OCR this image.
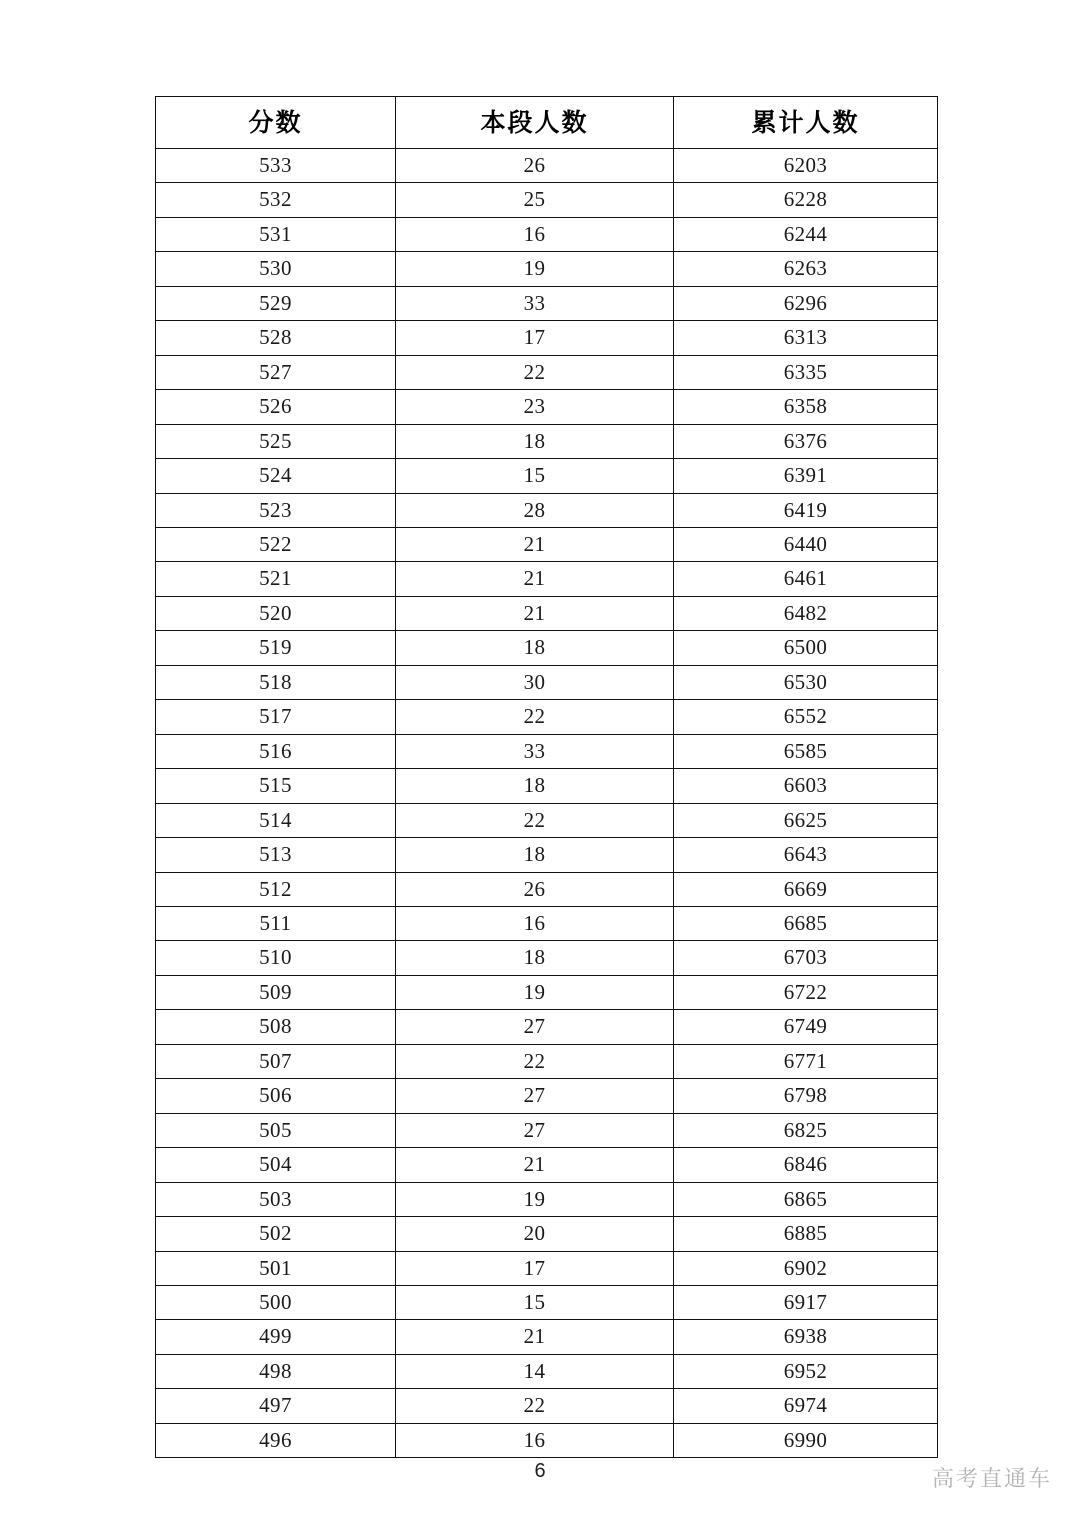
分数	本段人数	累计人数
533	26	6203
532	25	6228
531	16	6244
530	19	6263
529	33	6296
528	17	6313
527	22	6335
526	23	6358
525	18	6376
524	15	6391
523	28	6419
522	21	6440
521	21	6461
520	21	6482
519	18	6500
518	30	6530
517	22	6552
516	33	6585
515	18	6603
514	22	6625
513	18	6643
512	26	6669
511	16	6685
510	18	6703
509	19	6722
508	27	6749
507	22	6771
506	27	6798
505	27	6825
504	21	6846
503	19	6865
502	20	6885
501	17	6902
500	15	6917
499	21	6938
498	14	6952
497	22	6974
496	16	6990
6	高考直通车
